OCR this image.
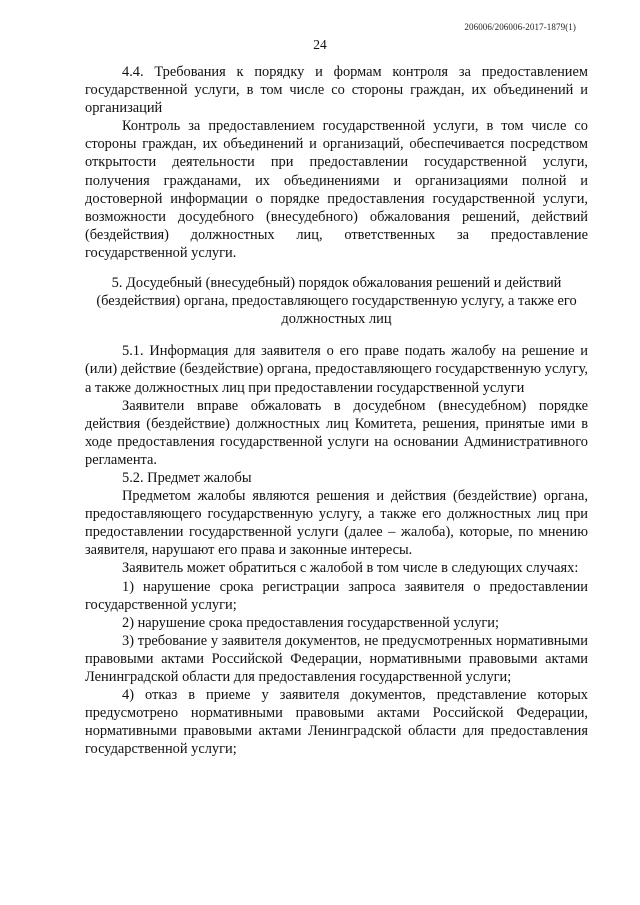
206006/206006-2017-1879(1)
24

4.4. Требования к порядку и формам контроля за предоставлением государственной услуги, в том числе со стороны граждан, их объединений и организаций

Контроль за предоставлением государственной услуги, в том числе со стороны граждан, их объединений и организаций, обеспечивается посредством открытости деятельности при предоставлении государственной услуги, получения гражданами, их объединениями и организациями полной и достоверной информации о порядке предоставления государственной услуги, возможности досудебного (внесудебного) обжалования решений, действий (бездействия) должностных лиц, ответственных за предоставление государственной услуги.

5. Досудебный (внесудебный) порядок обжалования решений и действий (бездействия) органа, предоставляющего государственную услугу, а также его должностных лиц

5.1. Информация для заявителя о его праве подать жалобу на решение и (или) действие (бездействие) органа, предоставляющего государственную услугу, а также должностных лиц при предоставлении государственной услуги

Заявители вправе обжаловать в досудебном (внесудебном) порядке действия (бездействие) должностных лиц Комитета, решения, принятые ими в ходе предоставления государственной услуги на основании Административного регламента.

5.2. Предмет жалобы

Предметом жалобы являются решения и действия (бездействие) органа, предоставляющего государственную услугу, а также его должностных лиц при предоставлении государственной услуги (далее – жалоба), которые, по мнению заявителя, нарушают его права и законные интересы.

Заявитель может обратиться с жалобой в том числе в следующих случаях:

1) нарушение срока регистрации запроса заявителя о предоставлении государственной услуги;

2) нарушение срока предоставления государственной услуги;

3) требование у заявителя документов, не предусмотренных нормативными правовыми актами Российской Федерации, нормативными правовыми актами Ленинградской области для предоставления государственной услуги;

4) отказ в приеме у заявителя документов, представление которых предусмотрено нормативными правовыми актами Российской Федерации, нормативными правовыми актами Ленинградской области для предоставления государственной услуги;
